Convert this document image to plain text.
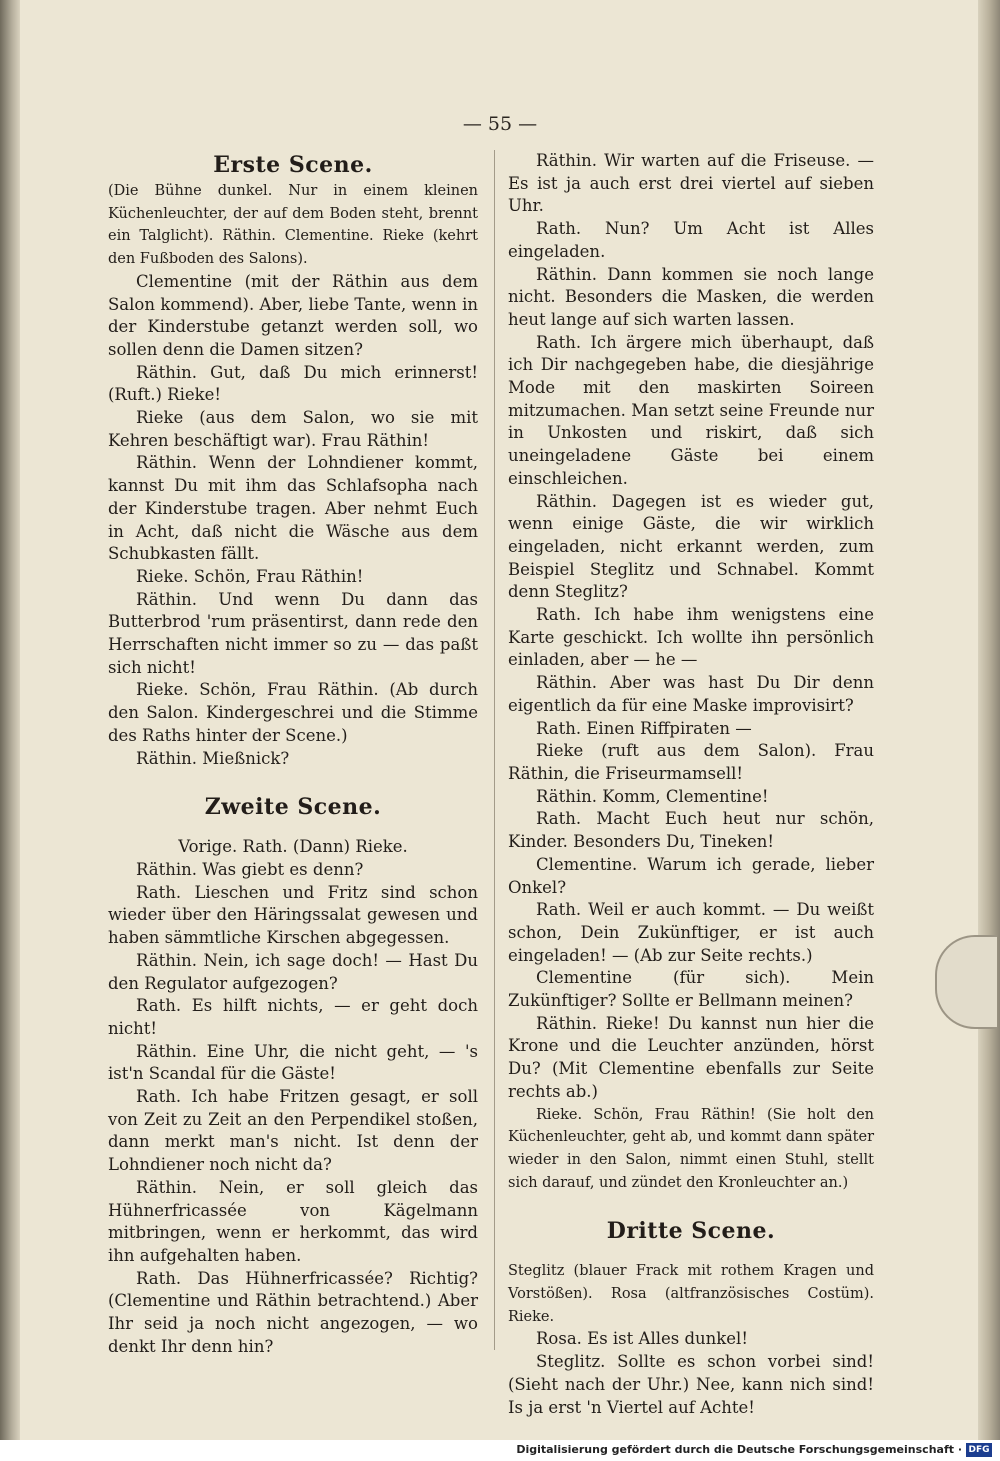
— 55 —

Erste Scene.

(Die Bühne dunkel. Nur in einem kleinen Küchenleuchter, der auf dem Boden steht, brennt ein Talglicht). Räthin. Clementine. Rieke (kehrt den Fußboden des Salons).

Clementine (mit der Räthin aus dem Salon kommend). Aber, liebe Tante, wenn in der Kinderstube getanzt werden soll, wo sollen denn die Damen sitzen?

Räthin. Gut, daß Du mich erinnerst! (Ruft.) Rieke!

Rieke (aus dem Salon, wo sie mit Kehren beschäftigt war). Frau Räthin!

Räthin. Wenn der Lohndiener kommt, kannst Du mit ihm das Schlafsopha nach der Kinderstube tragen. Aber nehmt Euch in Acht, daß nicht die Wäsche aus dem Schubkasten fällt.

Rieke. Schön, Frau Räthin!

Räthin. Und wenn Du dann das Butterbrod 'rum präsentirst, dann rede den Herrschaften nicht immer so zu — das paßt sich nicht!

Rieke. Schön, Frau Räthin. (Ab durch den Salon. Kindergeschrei und die Stimme des Raths hinter der Scene.)

Räthin. Mießnick?

Zweite Scene.

Vorige. Rath. (Dann) Rieke.

Räthin. Was giebt es denn?

Rath. Lieschen und Fritz sind schon wieder über den Häringssalat gewesen und haben sämmtliche Kirschen abgegessen.

Räthin. Nein, ich sage doch! — Hast Du den Regulator aufgezogen?

Rath. Es hilft nichts, — er geht doch nicht!

Räthin. Eine Uhr, die nicht geht, — 's ist'n Scandal für die Gäste!

Rath. Ich habe Fritzen gesagt, er soll von Zeit zu Zeit an den Perpendikel stoßen, dann merkt man's nicht. Ist denn der Lohndiener noch nicht da?

Räthin. Nein, er soll gleich das Hühnerfricassée von Kägelmann mitbringen, wenn er herkommt, das wird ihn aufgehalten haben.

Rath. Das Hühnerfricassée? Richtig? (Clementine und Räthin betrachtend.) Aber Ihr seid ja noch nicht angezogen, — wo denkt Ihr denn hin?

Räthin. Wir warten auf die Friseuse. — Es ist ja auch erst drei viertel auf sieben Uhr.

Rath. Nun? Um Acht ist Alles eingeladen.

Räthin. Dann kommen sie noch lange nicht. Besonders die Masken, die werden heut lange auf sich warten lassen.

Rath. Ich ärgere mich überhaupt, daß ich Dir nachgegeben habe, die diesjährige Mode mit den maskirten Soireen mitzumachen. Man setzt seine Freunde nur in Unkosten und riskirt, daß sich uneingeladene Gäste bei einem einschleichen.

Räthin. Dagegen ist es wieder gut, wenn einige Gäste, die wir wirklich eingeladen, nicht erkannt werden, zum Beispiel Steglitz und Schnabel. Kommt denn Steglitz?

Rath. Ich habe ihm wenigstens eine Karte geschickt. Ich wollte ihn persönlich einladen, aber — he —

Räthin. Aber was hast Du Dir denn eigentlich da für eine Maske improvisirt?

Rath. Einen Riffpiraten —

Rieke (ruft aus dem Salon). Frau Räthin, die Friseurmamsell!

Räthin. Komm, Clementine!

Rath. Macht Euch heut nur schön, Kinder. Besonders Du, Tineken!

Clementine. Warum ich gerade, lieber Onkel?

Rath. Weil er auch kommt. — Du weißt schon, Dein Zukünftiger, er ist auch eingeladen! — (Ab zur Seite rechts.)

Clementine (für sich). Mein Zukünftiger? Sollte er Bellmann meinen?

Räthin. Rieke! Du kannst nun hier die Krone und die Leuchter anzünden, hörst Du? (Mit Clementine ebenfalls zur Seite rechts ab.)

Rieke. Schön, Frau Räthin! (Sie holt den Küchenleuchter, geht ab, und kommt dann später wieder in den Salon, nimmt einen Stuhl, stellt sich darauf, und zündet den Kronleuchter an.)

Dritte Scene.

Steglitz (blauer Frack mit rothem Kragen und Vorstößen). Rosa (altfranzösisches Costüm). Rieke.

Rosa. Es ist Alles dunkel!

Steglitz. Sollte es schon vorbei sind! (Sieht nach der Uhr.) Nee, kann nich sind! Is ja erst 'n Viertel auf Achte!

Digitalisierung gefördert durch die Deutsche Forschungsgemeinschaft · DFG
